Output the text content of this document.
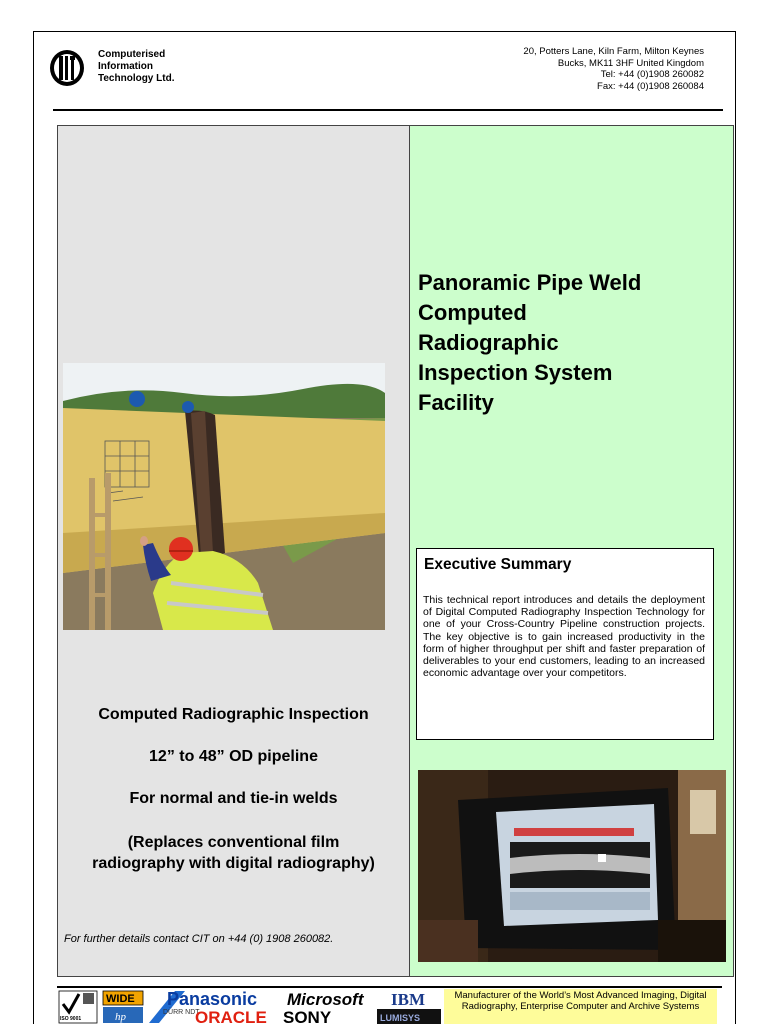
Computerised
Information
Technology Ltd.
20, Potters Lane, Kiln Farm, Milton Keynes
Bucks, MK11 3HF United Kingdom
Tel: +44 (0)1908 260082
Fax: +44 (0)1908 260084
Panoramic Pipe Weld
Computed
Radiographic
Inspection System
Facility
Executive Summary
This technical report introduces and details the deployment of Digital Computed Radiography Inspection Technology for one of your Cross-Country Pipeline construction projects. The key objective is to gain increased productivity in the form of higher throughput per shift and faster preparation of deliverables to your end customers, leading to an increased economic advantage over your competitors.
Computed Radiographic Inspection
12” to 48” OD pipeline
For normal and tie-in welds
(Replaces conventional film
radiography with digital radiography)
For further details contact CIT on +44 (0) 1908 260082.
ISO 9001
WIDE
hp
Panasonic Microsoft IBM
DÜRR NDT
ORACLE SONY	LUMISYS
Manufacturer of the World’s Most Advanced Imaging, Digital Radiography, Enterprise Computer and Archive Systems
